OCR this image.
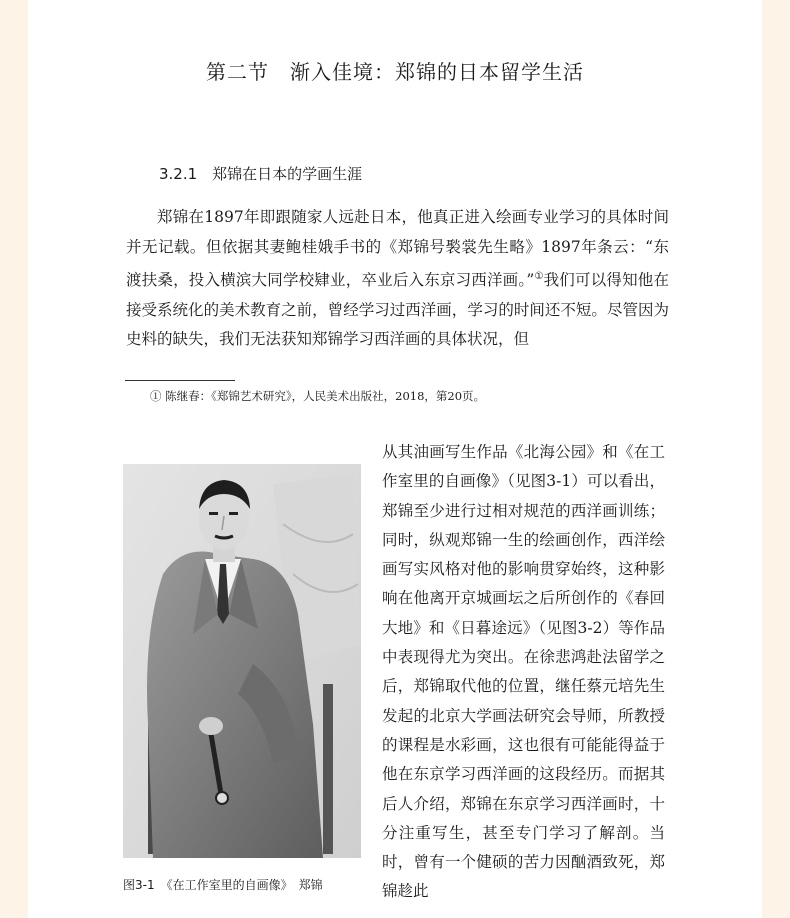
第二节　渐入佳境：郑锦的日本留学生活
3.2.1　郑锦在日本的学画生涯

郑锦在1897年即跟随家人远赴日本，他真正进入绘画专业学习的具体时间并无记载。但依据其妻鲍桂娥手书的《郑锦号褧裳先生略》1897年条云：“东渡扶桑，投入横滨大同学校肄业，卒业后入东京习西洋画。”①我们可以得知他在接受系统化的美术教育之前，曾经学习过西洋画，学习的时间还不短。尽管因为史料的缺失，我们无法获知郑锦学习西洋画的具体状况，但

① 陈继春：《郑锦艺术研究》，人民美术出版社，2018，第20页。
图3-1　《在工作室里的自画像》　郑锦
从其油画写生作品《北海公园》和《在工作室里的自画像》（见图3-1）可以看出，郑锦至少进行过相对规范的西洋画训练；同时，纵观郑锦一生的绘画创作，西洋绘画写实风格对他的影响贯穿始终，这种影响在他离开京城画坛之后所创作的《春回大地》和《日暮途远》（见图3-2）等作品中表现得尤为突出。在徐悲鸿赴法留学之后，郑锦取代他的位置，继任蔡元培先生发起的北京大学画法研究会导师，所教授的课程是水彩画，这也很有可能能得益于他在东京学习西洋画的这段经历。而据其后人介绍，郑锦在东京学习西洋画时，十分注重写生，甚至专门学习了解剖。当时，曾有一个健硕的苦力因酗酒致死，郑锦趁此
